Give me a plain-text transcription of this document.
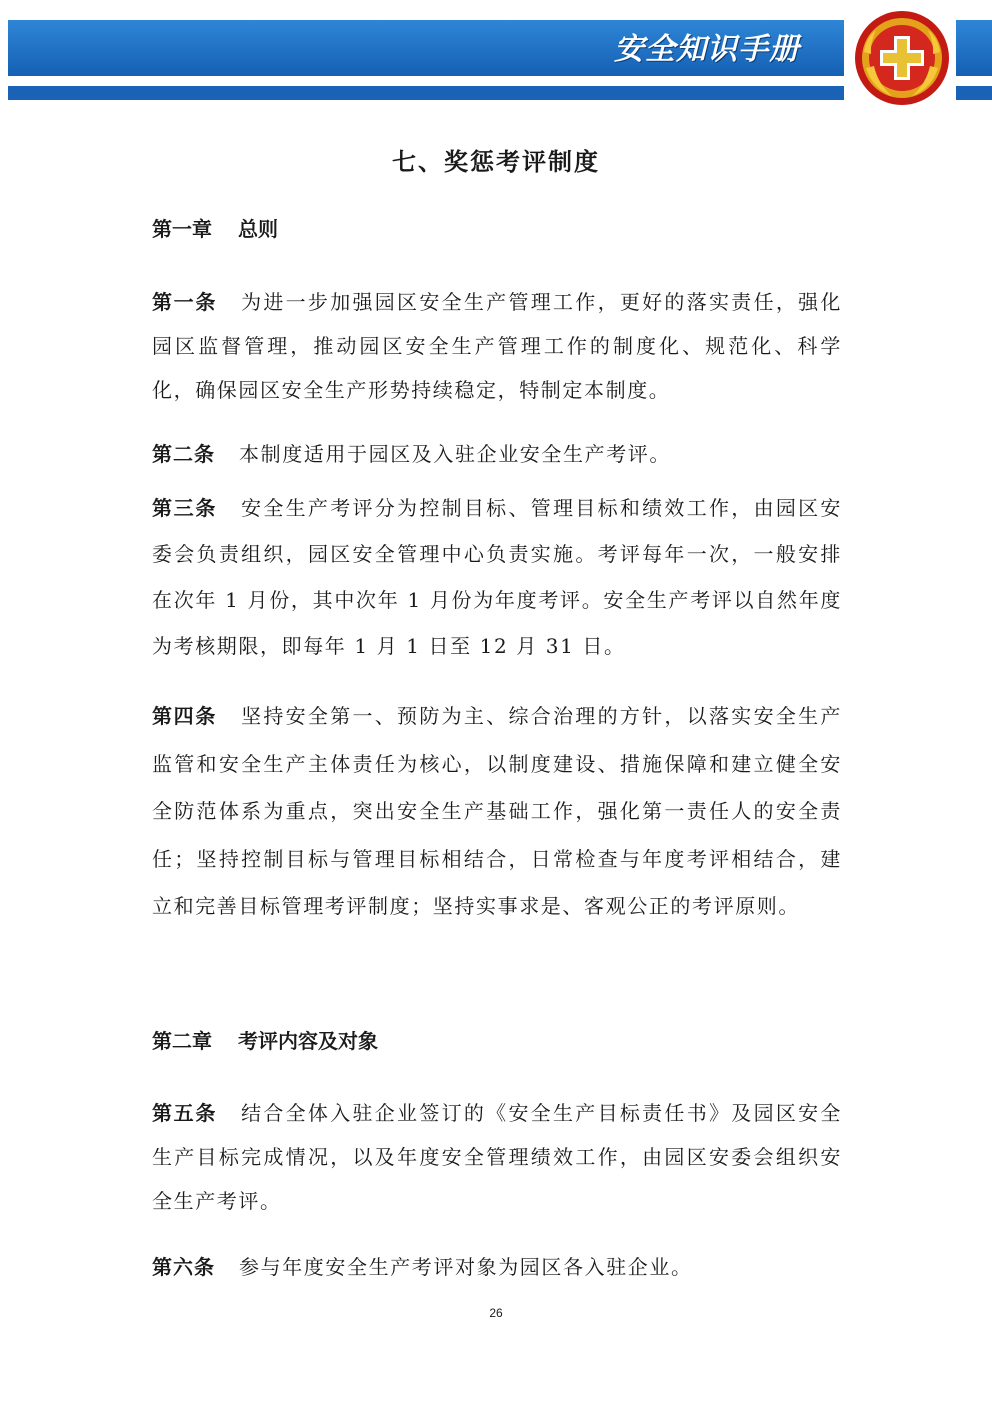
安全知识手册
七、奖惩考评制度
第一章 总则

第一条 为进一步加强园区安全生产管理工作，更好的落实责任，强化园区监督管理，推动园区安全生产管理工作的制度化、规范化、科学化，确保园区安全生产形势持续稳定，特制定本制度。

第二条 本制度适用于园区及入驻企业安全生产考评。

第三条 安全生产考评分为控制目标、管理目标和绩效工作，由园区安委会负责组织，园区安全管理中心负责实施。考评每年一次，一般安排在次年 1 月份，其中次年 1 月份为年度考评。安全生产考评以自然年度为考核期限，即每年 1 月 1 日至 12 月 31 日。

第四条 坚持安全第一、预防为主、综合治理的方针，以落实安全生产监管和安全生产主体责任为核心，以制度建设、措施保障和建立健全安全防范体系为重点，突出安全生产基础工作，强化第一责任人的安全责任；坚持控制目标与管理目标相结合，日常检查与年度考评相结合，建立和完善目标管理考评制度；坚持实事求是、客观公正的考评原则。

第二章 考评内容及对象

第五条 结合全体入驻企业签订的《安全生产目标责任书》及园区安全生产目标完成情况，以及年度安全管理绩效工作，由园区安委会组织安全生产考评。

第六条 参与年度安全生产考评对象为园区各入驻企业。

26
